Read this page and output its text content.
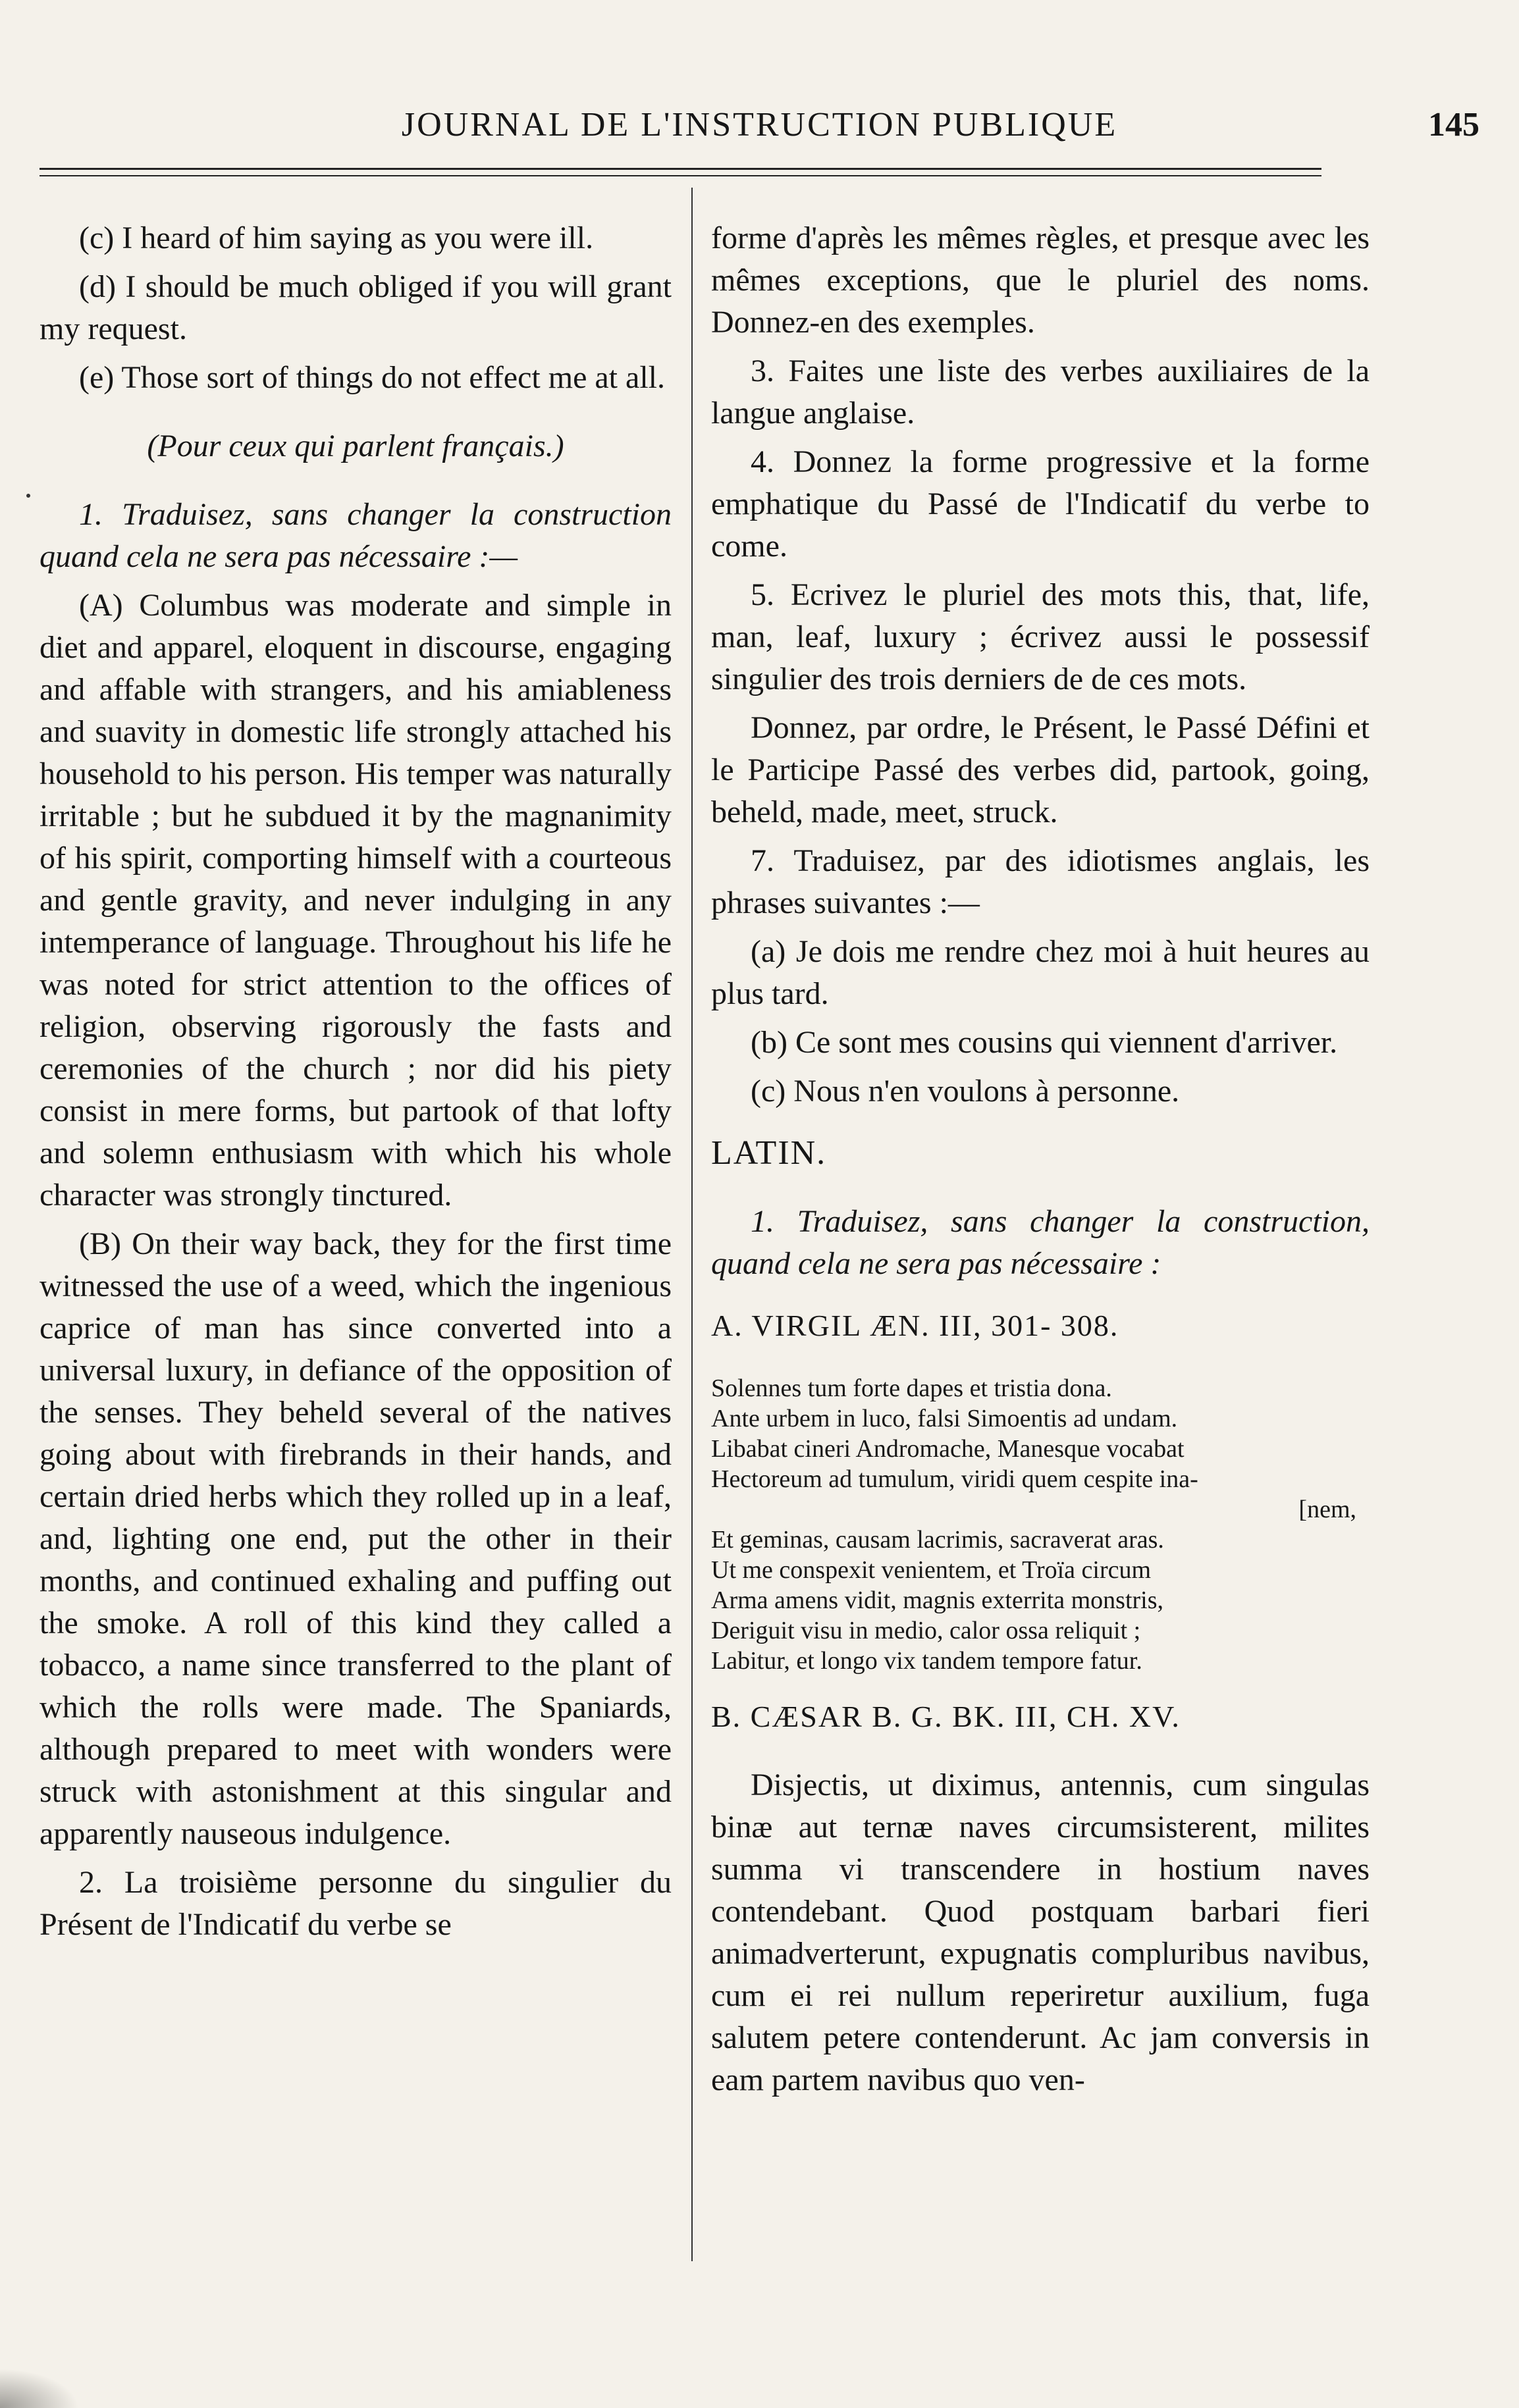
JOURNAL DE L'INSTRUCTION PUBLIQUE	145

(c) I heard of him saying as you were ill.

(d) I should be much obliged if you will grant my request.

(e) Those sort of things do not effect me at all.

(Pour ceux qui parlent français.)

1. Traduisez, sans changer la construction quand cela ne sera pas nécessaire :—

(A) Columbus was moderate and simple in diet and apparel, eloquent in discourse, engaging and affable with strangers, and his amiableness and suavity in domestic life strongly attached his household to his person. His temper was naturally irritable ; but he subdued it by the magnanimity of his spirit, comporting himself with a courteous and gentle gravity, and never indulging in any intemperance of language. Throughout his life he was noted for strict attention to the offices of religion, observing rigorously the fasts and ceremonies of the church ; nor did his piety consist in mere forms, but partook of that lofty and solemn enthusiasm with which his whole character was strongly tinctured.

(B) On their way back, they for the first time witnessed the use of a weed, which the ingenious caprice of man has since converted into a universal luxury, in defiance of the opposition of the senses. They beheld several of the natives going about with firebrands in their hands, and certain dried herbs which they rolled up in a leaf, and, lighting one end, put the other in their months, and continued exhaling and puffing out the smoke. A roll of this kind they called a tobacco, a name since transferred to the plant of which the rolls were made. The Spaniards, although prepared to meet with wonders were struck with astonishment at this singular and apparently nauseous indulgence.

2. La troisième personne du singulier du Présent de l'Indicatif du verbe se

forme d'après les mêmes règles, et presque avec les mêmes exceptions, que le pluriel des noms. Donnez-en des exemples.

3. Faites une liste des verbes auxiliaires de la langue anglaise.

4. Donnez la forme progressive et la forme emphatique du Passé de l'Indicatif du verbe to come.

5. Ecrivez le pluriel des mots this, that, life, man, leaf, luxury ; écrivez aussi le possessif singulier des trois derniers de de ces mots.

Donnez, par ordre, le Présent, le Passé Défini et le Participe Passé des verbes did, partook, going, beheld, made, meet, struck.

7. Traduisez, par des idiotismes anglais, les phrases suivantes :—

(a) Je dois me rendre chez moi à huit heures au plus tard.

(b) Ce sont mes cousins qui viennent d'arriver.

(c) Nous n'en voulons à personne.

LATIN.

1. Traduisez, sans changer la construction, quand cela ne sera pas nécessaire :

A. VIRGIL ÆN. III, 301- 308.

Solennes tum forte dapes et tristia dona.
Ante urbem in luco, falsi Simoentis ad undam.
Libabat cineri Andromache, Manesque vocabat
Hectoreum ad tumulum, viridi quem cespite ina-
[nem,
Et geminas, causam lacrimis, sacraverat aras.
Ut me conspexit venientem, et Troïa circum
Arma amens vidit, magnis exterrita monstris,
Deriguit visu in medio, calor ossa reliquit ;
Labitur, et longo vix tandem tempore fatur.

B. CÆSAR B. G. BK. III, CH. XV.

Disjectis, ut diximus, antennis, cum singulas binæ aut ternæ naves circumsisterent, milites summa vi transcendere in hostium naves contendebant. Quod postquam barbari fieri animadverterunt, expugnatis compluribus navibus, cum ei rei nullum reperiretur auxilium, fuga salutem petere contenderunt. Ac jam conversis in eam partem navibus quo ven-
